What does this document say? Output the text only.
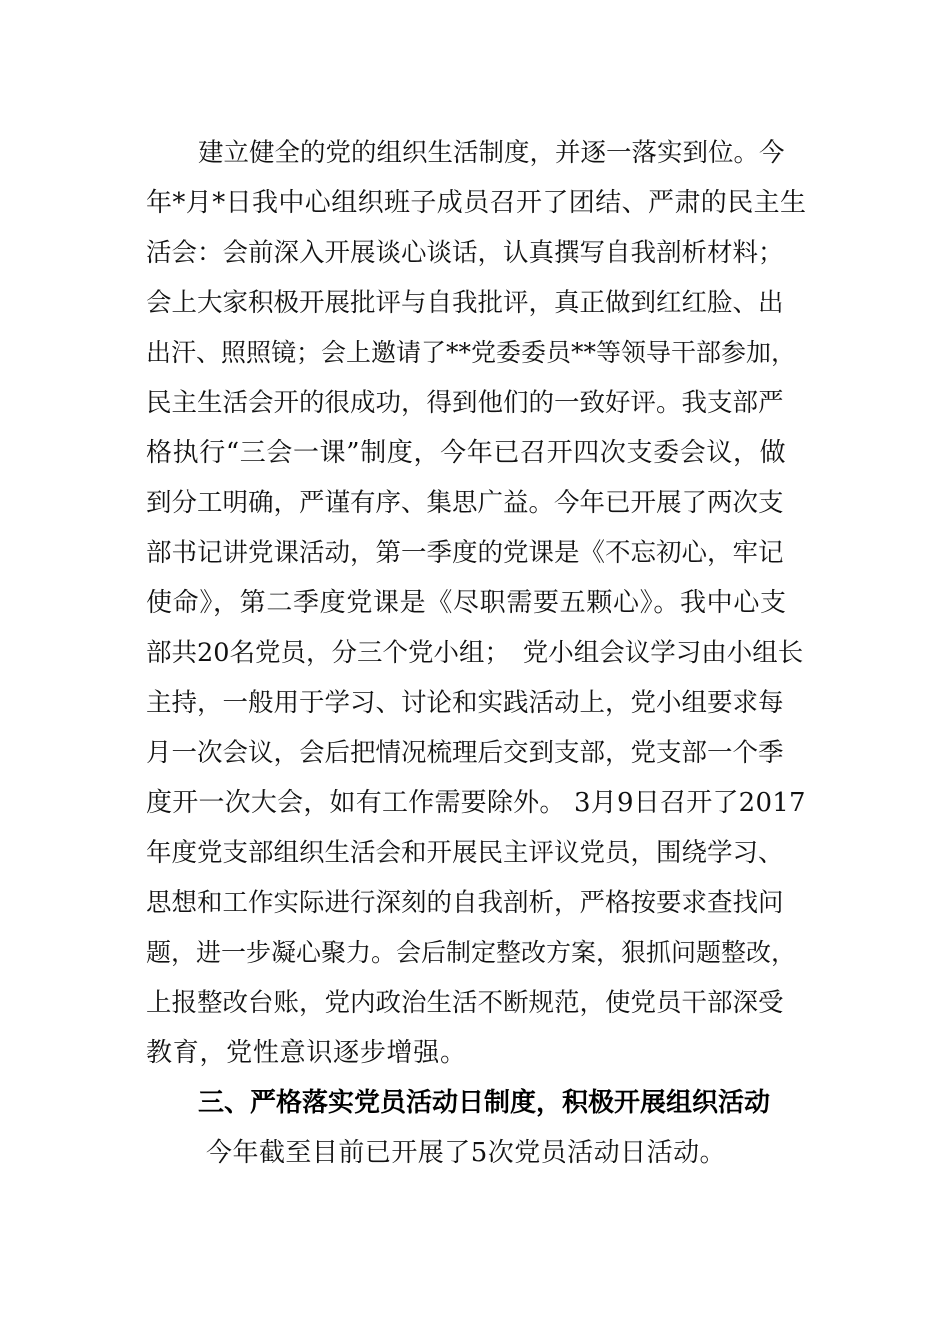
建立健全的党的组织生活制度，并逐一落实到位。今
年*月*日我中心组织班子成员召开了团结、严肃的民主生
活会：会前深入开展谈心谈话，认真撰写自我剖析材料；
会上大家积极开展批评与自我批评，真正做到红红脸、出
出汗、照照镜；会上邀请了**党委委员**等领导干部参加，
民主生活会开的很成功，得到他们的一致好评。我支部严
格执行“三会一课”制度，今年已召开四次支委会议，做
到分工明确，严谨有序、集思广益。今年已开展了两次支
部书记讲党课活动，第一季度的党课是《不忘初心，牢记
使命》，第二季度党课是《尽职需要五颗心》。我中心支
部共20名党员，分三个党小组；　党小组会议学习由小组长
主持，一般用于学习、讨论和实践活动上，党小组要求每
月一次会议，会后把情况梳理后交到支部，党支部一个季
度开一次大会，如有工作需要除外。 3月9日召开了2017
年度党支部组织生活会和开展民主评议党员，围绕学习、
思想和工作实际进行深刻的自我剖析，严格按要求查找问
题，进一步凝心聚力。会后制定整改方案，狠抓问题整改，
上报整改台账，党内政治生活不断规范，使党员干部深受
教育，党性意识逐步增强。
三、严格落实党员活动日制度，积极开展组织活动
今年截至目前已开展了5次党员活动日活动。
